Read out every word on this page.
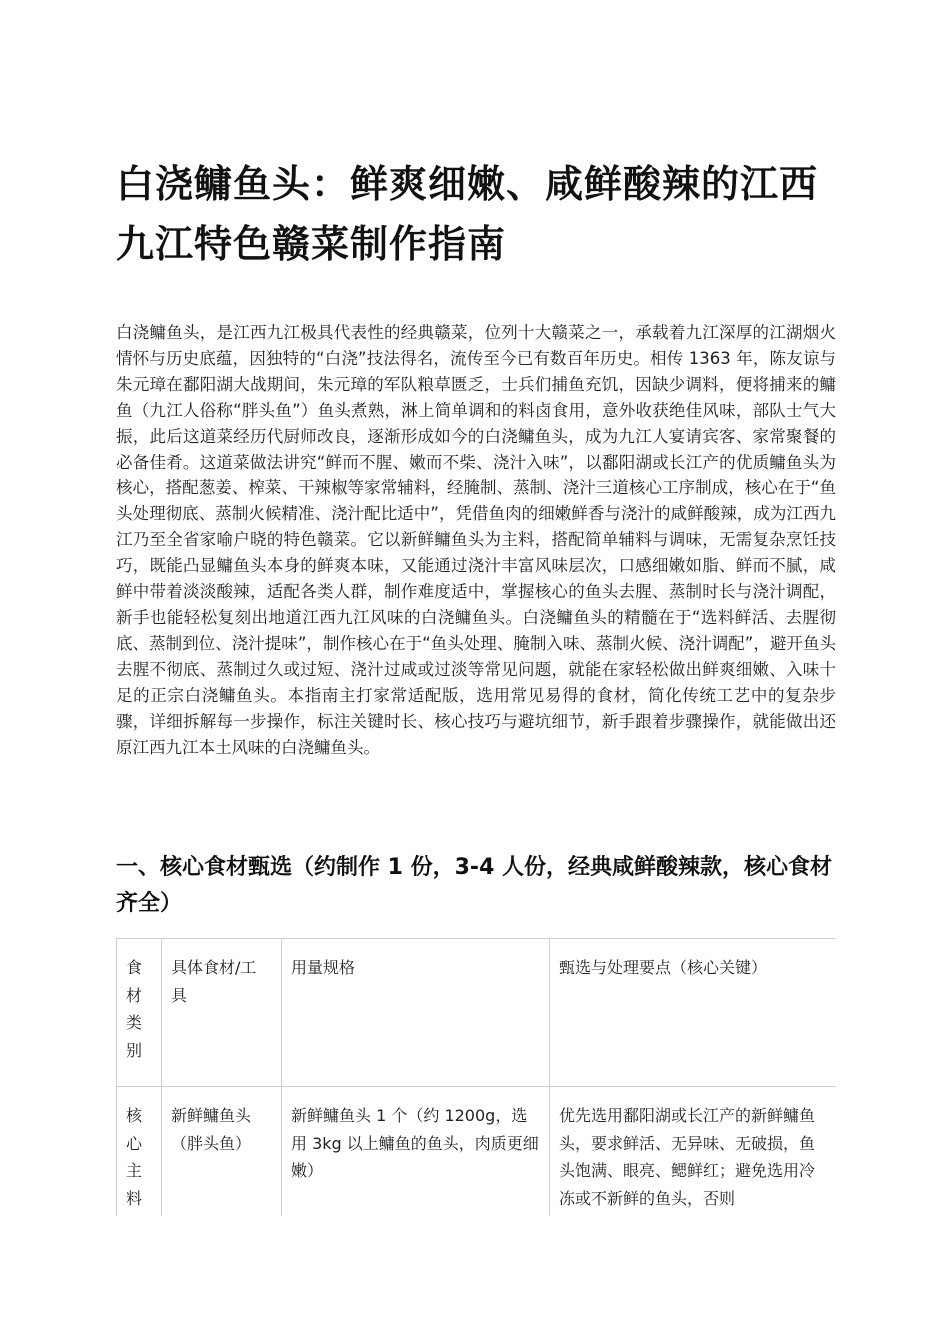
白浇鳙鱼头：鲜爽细嫩、咸鲜酸辣的江西九江特色赣菜制作指南

白浇鳙鱼头，是江西九江极具代表性的经典赣菜，位列十大赣菜之一，承载着九江深厚的江湖烟火情怀与历史底蕴，因独特的“白浇”技法得名，流传至今已有数百年历史。相传 1363 年，陈友谅与朱元璋在鄱阳湖大战期间，朱元璋的军队粮草匮乏，士兵们捕鱼充饥，因缺少调料，便将捕来的鳙鱼（九江人俗称“胖头鱼”）鱼头煮熟，淋上简单调和的料卤食用，意外收获绝佳风味，部队士气大振，此后这道菜经历代厨师改良，逐渐形成如今的白浇鳙鱼头，成为九江人宴请宾客、家常聚餐的必备佳肴。这道菜做法讲究“鲜而不腥、嫩而不柴、浇汁入味”，以鄱阳湖或长江产的优质鳙鱼头为核心，搭配葱姜、榨菜、干辣椒等家常辅料，经腌制、蒸制、浇汁三道核心工序制成，核心在于“鱼头处理彻底、蒸制火候精准、浇汁配比适中”，凭借鱼肉的细嫩鲜香与浇汁的咸鲜酸辣，成为江西九江乃至全省家喻户晓的特色赣菜。它以新鲜鳙鱼头为主料，搭配简单辅料与调味，无需复杂烹饪技巧，既能凸显鳙鱼头本身的鲜爽本味，又能通过浇汁丰富风味层次，口感细嫩如脂、鲜而不腻，咸鲜中带着淡淡酸辣，适配各类人群，制作难度适中，掌握核心的鱼头去腥、蒸制时长与浇汁调配，新手也能轻松复刻出地道江西九江风味的白浇鳙鱼头。白浇鳙鱼头的精髓在于“选料鲜活、去腥彻底、蒸制到位、浇汁提味”，制作核心在于“鱼头处理、腌制入味、蒸制火候、浇汁调配”，避开鱼头去腥不彻底、蒸制过久或过短、浇汁过咸或过淡等常见问题，就能在家轻松做出鲜爽细嫩、入味十足的正宗白浇鳙鱼头。本指南主打家常适配版，选用常见易得的食材，简化传统工艺中的复杂步骤，详细拆解每一步操作，标注关键时长、核心技巧与避坑细节，新手跟着步骤操作，就能做出还原江西九江本土风味的白浇鳙鱼头。

一、核心食材甄选（约制作 1 份，3-4 人份，经典咸鲜酸辣款，核心食材齐全）
食材类别	具体食材/工具	用量规格	甄选与处理要点（核心关键）
核心主料	新鲜鳙鱼头（胖头鱼）	新鲜鳙鱼头 1 个（约 1200g，选用 3kg 以上鳙鱼的鱼头，肉质更细嫩）	优先选用鄱阳湖或长江产的新鲜鳙鱼头，要求鲜活、无异味、无破损，鱼头饱满、眼亮、鳃鲜红；避免选用冷冻或不新鲜的鱼头，否则
